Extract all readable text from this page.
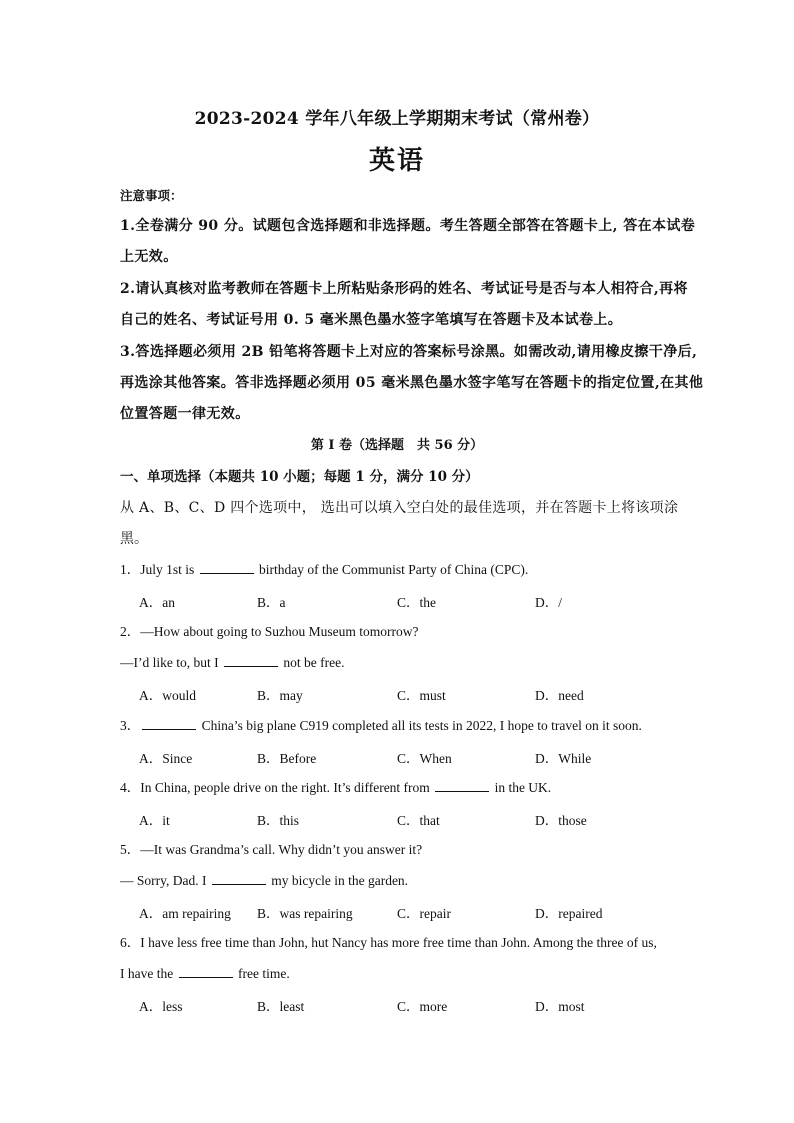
2023-2024 学年八年级上学期期末考试（常州卷）
英语
注意事项：
1.全卷满分 90 分。试题包含选择题和非选择题。考生答题全部答在答题卡上, 答在本试卷
上无效。
2.请认真核对监考教师在答题卡上所粘贴条形码的姓名、考试证号是否与本人相符合,再将
自己的姓名、考试证号用 0. 5 毫米黑色墨水签字笔填写在答题卡及本试卷上。
3.答选择题必须用 2B 铅笔将答题卡上对应的答案标号涂黑。如需改动,请用橡皮擦干净后,
再选涂其他答案。答非选择题必须用 05 毫米黑色墨水签字笔写在答题卡的指定位置,在其他
位置答题一律无效。
第 I 卷（选择题　共 56 分）
一、单项选择（本题共 10 小题；每题 1 分，满分 10 分）
从 A、B、C、D 四个选项中， 选出可以填入空白处的最佳选项，并在答题卡上将该项涂
黑。
1．July 1st is	birthday of the Communist Party of China (CPC).
A．an	B．a	C．the	D．/
2．—How about going to Suzhou Museum tomorrow?
—I’d like to, but I	not be free.
A．would	B．may	C．must	D．need
3．	China’s big plane C919 completed all its tests in 2022, I hope to travel on it soon.
A．Since	B．Before	C．When	D．While
4．In China, people drive on the right. It’s different from	in the UK.
A．it	B．this	C．that	D．those
5．—It was Grandma’s call. Why didn’t you answer it?
— Sorry, Dad. I	my bicycle in the garden.
A．am repairing B．was repairing	C．repair	D．repaired
6．I have less free time than John, hut Nancy has more free time than John. Among the three of us,
I have the	free time.
A．less	B．least	C．more	D．most
